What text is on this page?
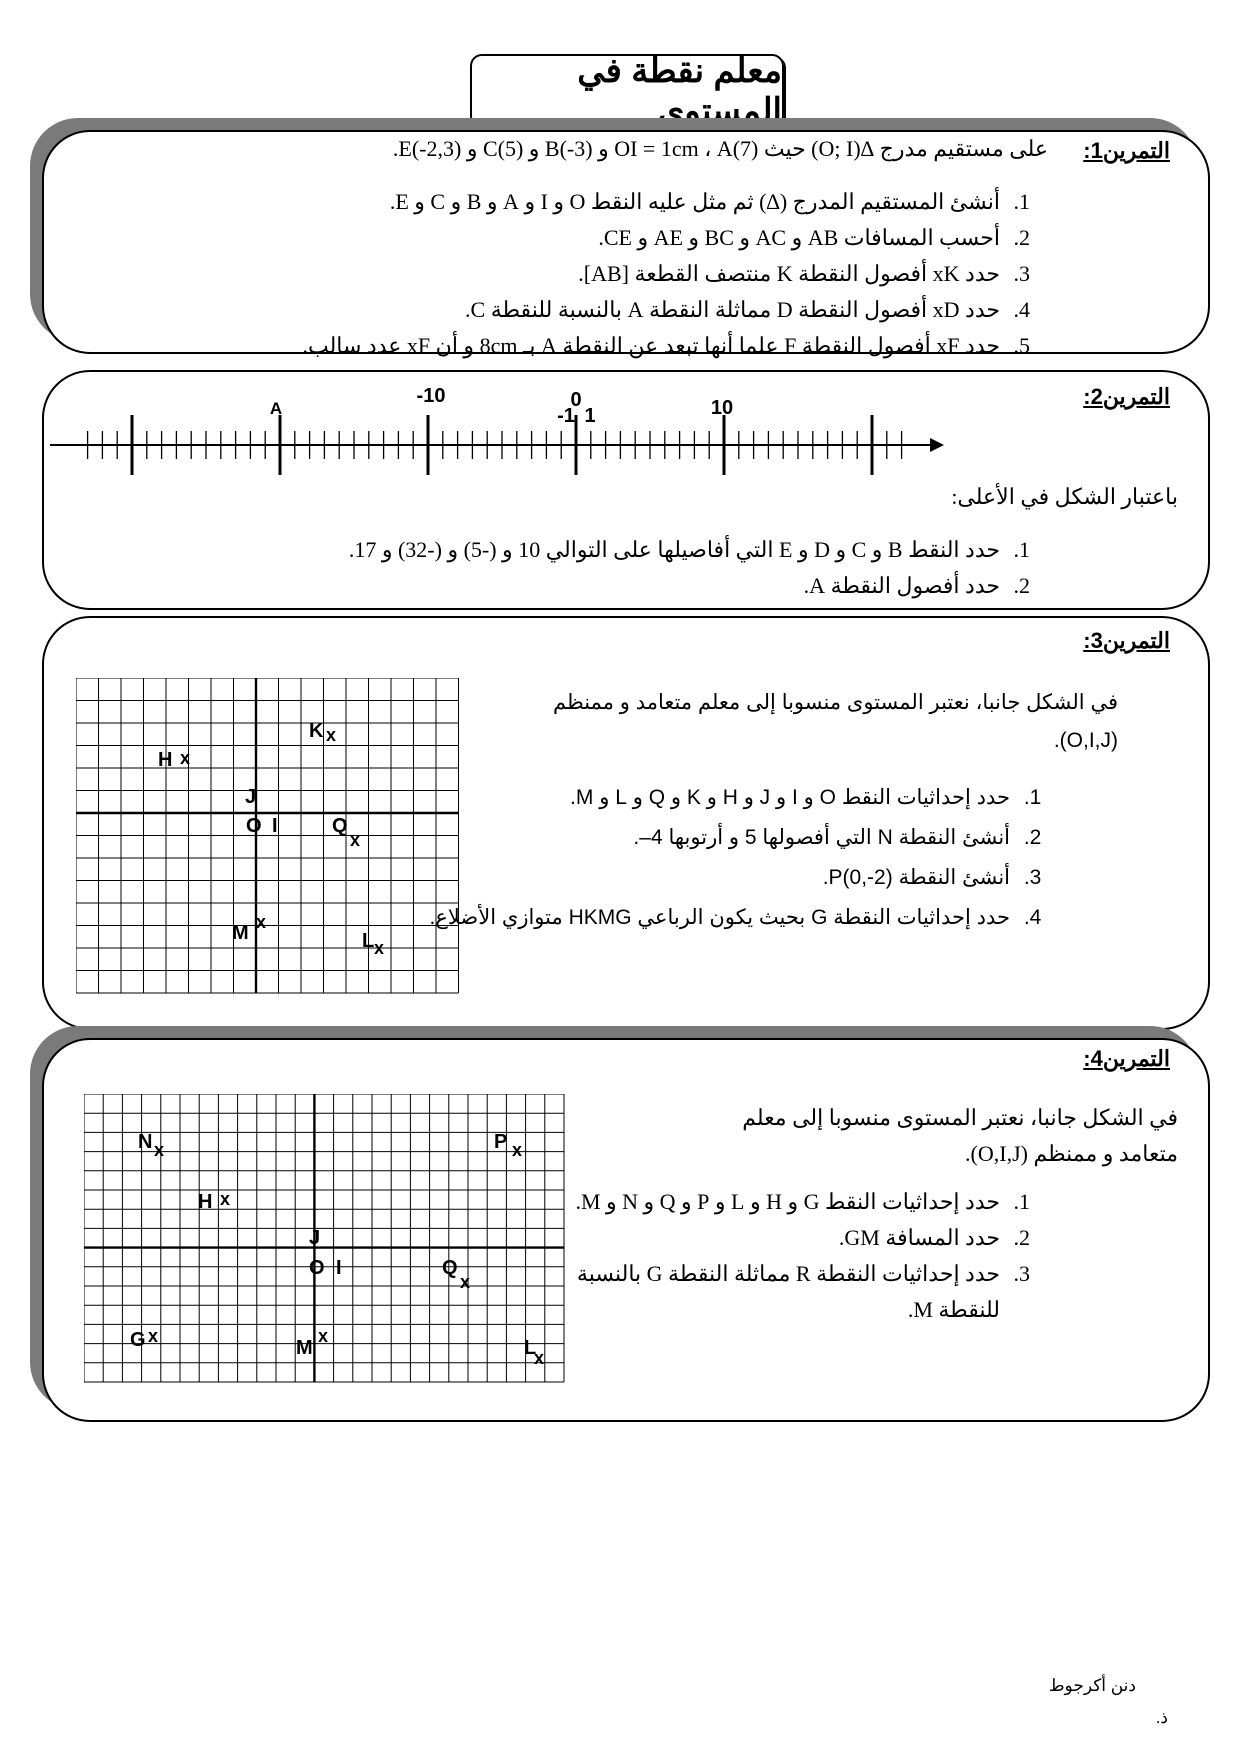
معلم نقطة في المستوى
التمرين1:
على مستقيم مدرج ∆(O; I) حيث OI = 1cm ، A(7) و B(-3) و C(5) و E(-2,3).
1. أنشئ المستقيم المدرج (∆) ثم مثل عليه النقط O و I و A و B و C و E.
2. أحسب المسافات AB و AC و BC و AE و CE.
3. حدد xK أفصول النقطة K منتصف القطعة [AB].
4. حدد xD أفصول النقطة D مماثلة النقطة A بالنسبة للنقطة C.
5. حدد xF أفصول النقطة F علما أنها تبعد عن النقطة A بـ 8cm و أن xF عدد سالب.
التمرين2:
A
-10	0
-1 1	10
باعتبار الشكل في الأعلى:
1. حدد النقط B و C و D و E التي أفاصيلها على التوالي 10 و (-5) و (-32) و 17.
2. حدد أفصول النقطة A.
التمرين3:
في الشكل جانبا، نعتبر المستوى منسوبا إلى معلم متعامد و ممنظم (O,I,J).
1. حدد إحداثيات النقط O و I و J و H و K و Q و L و M.
2. أنشئ النقطة N التي أفصولها 5 و أرتوبها 4–.
3. أنشئ النقطة P(0,-2).
4. حدد إحداثيات النقطة G بحيث يكون الرباعي HKMG متوازي الأضلاع.
K x
H x
J
O I	Q
x
M x
L x
التمرين4:
في الشكل جانبا، نعتبر المستوى منسوبا إلى معلم متعامد و ممنظم (O,I,J).
1. حدد إحداثيات النقط G و H و L و P و Q و N و M.
2. حدد المسافة GM.
3. حدد إحداثيات النقطة R مماثلة النقطة G بالنسبة للنقطة M.
N x	P x
H x
J
O I	Q
x
G x
M
x
L
x
دنن أكرجوط
ذ.
